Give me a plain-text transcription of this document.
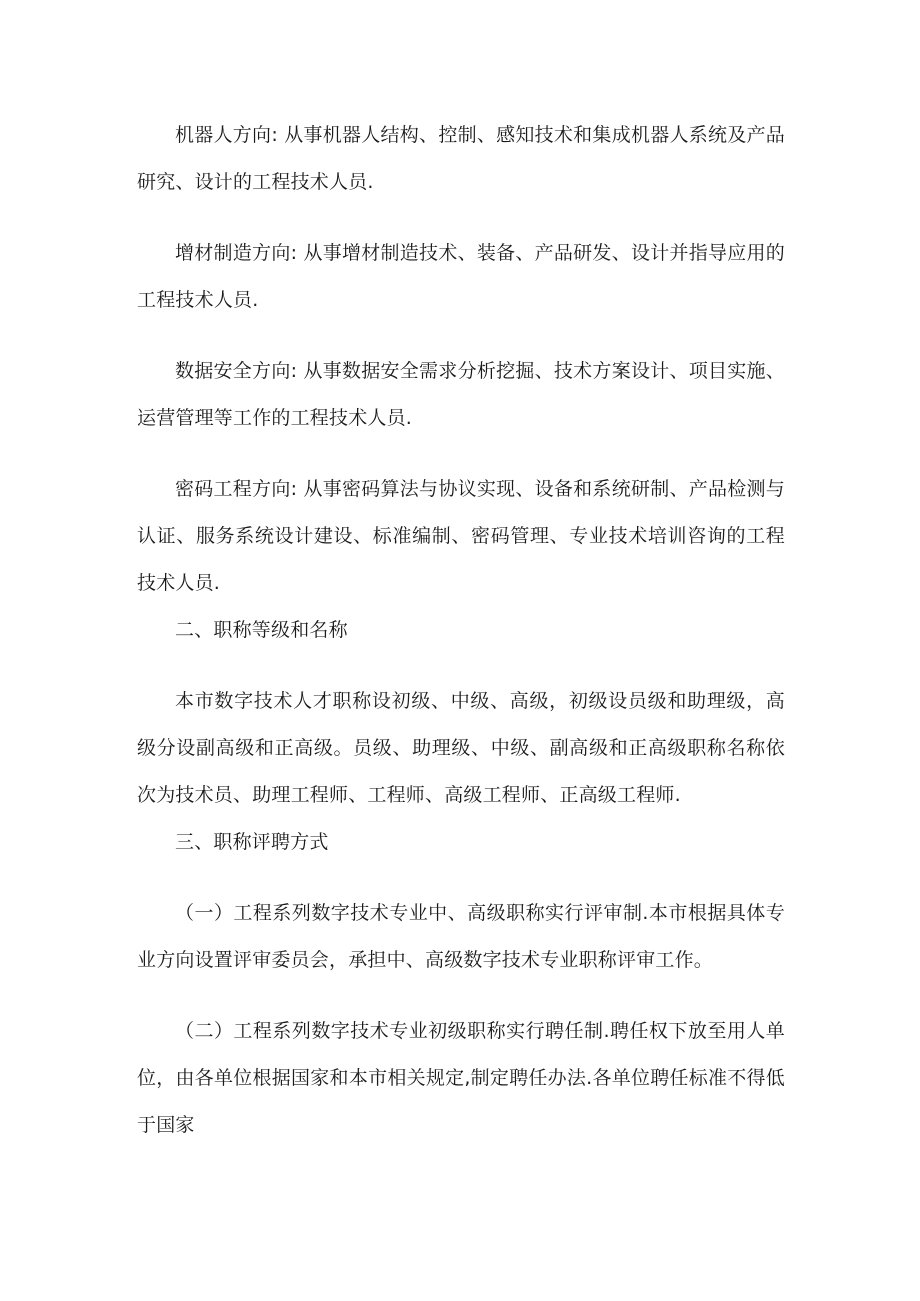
机器人方向: 从事机器人结构、控制、感知技术和集成机器人系统及产品研究、设计的工程技术人员.

增材制造方向: 从事增材制造技术、装备、产品研发、设计并指导应用的工程技术人员.

数据安全方向: 从事数据安全需求分析挖掘、技术方案设计、项目实施、运营管理等工作的工程技术人员.

密码工程方向: 从事密码算法与协议实现、设备和系统研制、产品检测与认证、服务系统设计建设、标准编制、密码管理、专业技术培训咨询的工程技术人员.

二、职称等级和名称

本市数字技术人才职称设初级、中级、高级，初级设员级和助理级，高级分设副高级和正高级。员级、助理级、中级、副高级和正高级职称名称依次为技术员、助理工程师、工程师、高级工程师、正高级工程师.

三、职称评聘方式

（一）工程系列数字技术专业中、高级职称实行评审制.本市根据具体专业方向设置评审委员会，承担中、高级数字技术专业职称评审工作。

（二）工程系列数字技术专业初级职称实行聘任制.聘任权下放至用人单位，由各单位根据国家和本市相关规定,制定聘任办法.各单位聘任标准不得低于国家
